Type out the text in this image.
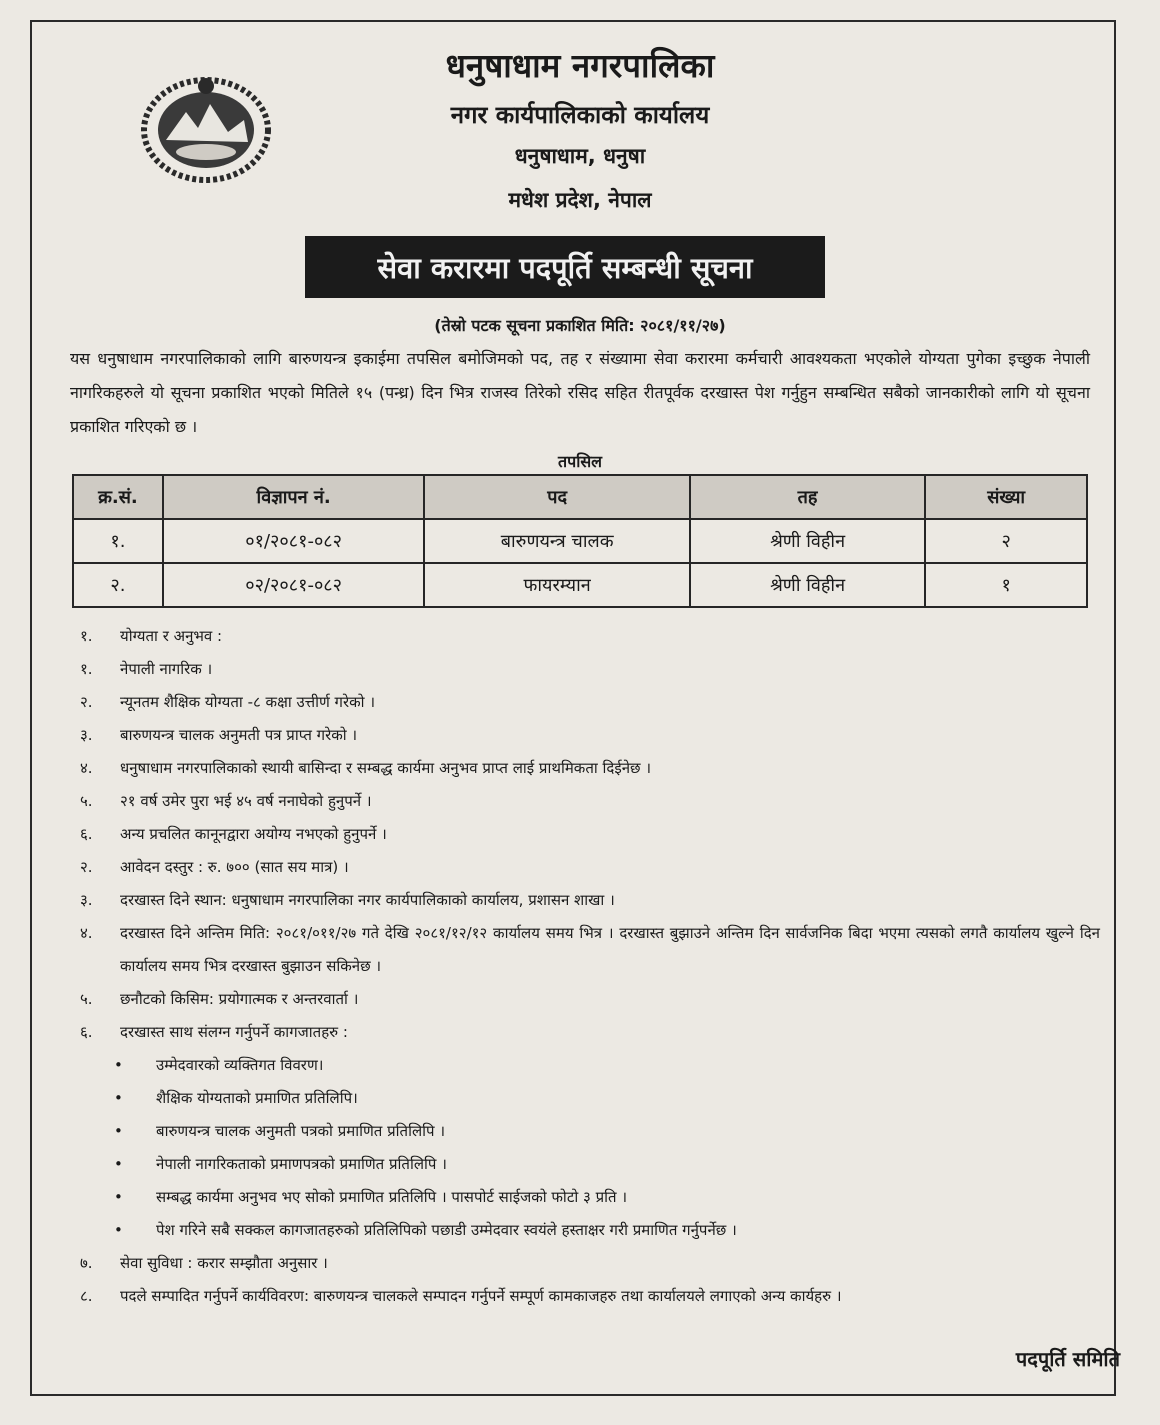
धनुषाधाम नगरपालिका
नगर कार्यपालिकाको कार्यालय
धनुषाधाम, धनुषा
मधेश प्रदेश, नेपाल
सेवा करारमा पदपूर्ति सम्बन्धी सूचना
(तेस्रो पटक सूचना प्रकाशित मिति: २०८१/११/२७)
यस धनुषाधाम नगरपालिकाको लागि बारुणयन्त्र इकाईमा तपसिल बमोजिमको पद, तह र संख्यामा सेवा करारमा कर्मचारी आवश्यकता भएकोले योग्यता पुगेका इच्छुक नेपाली नागरिकहरुले यो सूचना प्रकाशित भएको मितिले १५ (पन्ध्र) दिन भित्र राजस्व तिरेको रसिद सहित रीतपूर्वक दरखास्त पेश गर्नुहुन सम्बन्धित सबैको जानकारीको लागि यो सूचना प्रकाशित गरिएको छ ।
तपसिल
क्र.सं.	विज्ञापन नं.	पद	तह	संख्या
१.	०१/२०८१-०८२	बारुणयन्त्र चालक	श्रेणी विहीन	२
२.	०२/२०८१-०८२	फायरम्यान	श्रेणी विहीन	१
१.	योग्यता र अनुभव :
१.	नेपाली नागरिक ।
२.	न्यूनतम शैक्षिक योग्यता -८ कक्षा उत्तीर्ण गरेको ।
३.	बारुणयन्त्र चालक अनुमती पत्र प्राप्त गरेको ।
४.	धनुषाधाम नगरपालिकाको स्थायी बासिन्दा र सम्बद्ध कार्यमा अनुभव प्राप्त लाई प्राथमिकता दिईनेछ ।
५.	२१ वर्ष उमेर पुरा भई ४५ वर्ष ननाघेको हुनुपर्ने ।
६.	अन्य प्रचलित कानूनद्वारा अयोग्य नभएको हुनुपर्ने ।
२.	आवेदन दस्तुर : रु. ७०० (सात सय मात्र) ।
३.	दरखास्त दिने स्थान: धनुषाधाम नगरपालिका नगर कार्यपालिकाको कार्यालय, प्रशासन शाखा ।
४.	दरखास्त दिने अन्तिम मिति: २०८१/०११/२७ गते देखि २०८१/१२/१२ कार्यालय समय भित्र । दरखास्त बुझाउने अन्तिम दिन सार्वजनिक बिदा भएमा त्यसको लगतै कार्यालय खुल्ने दिन कार्यालय समय भित्र दरखास्त बुझाउन सकिनेछ ।
५.	छनौटको किसिम: प्रयोगात्मक र अन्तरवार्ता ।
६.	दरखास्त साथ संलग्न गर्नुपर्ने कागजातहरु :
•	उम्मेदवारको व्यक्तिगत विवरण।
•	शैक्षिक योग्यताको प्रमाणित प्रतिलिपि।
•	बारुणयन्त्र चालक अनुमती पत्रको प्रमाणित प्रतिलिपि ।
•	नेपाली नागरिकताको प्रमाणपत्रको प्रमाणित प्रतिलिपि ।
•	सम्बद्ध कार्यमा अनुभव भए सोको प्रमाणित प्रतिलिपि । पासपोर्ट साईजको फोटो ३ प्रति ।
•	पेश गरिने सबै सक्कल कागजातहरुको प्रतिलिपिको पछाडी उम्मेदवार स्वयंले हस्ताक्षर गरी प्रमाणित गर्नुपर्नेछ ।
७.	सेवा सुविधा : करार सम्झौता अनुसार ।
८.	पदले सम्पादित गर्नुपर्ने कार्यविवरण: बारुणयन्त्र चालकले सम्पादन गर्नुपर्ने सम्पूर्ण कामकाजहरु तथा कार्यालयले लगाएको अन्य कार्यहरु ।
पदपूर्ति समिति
